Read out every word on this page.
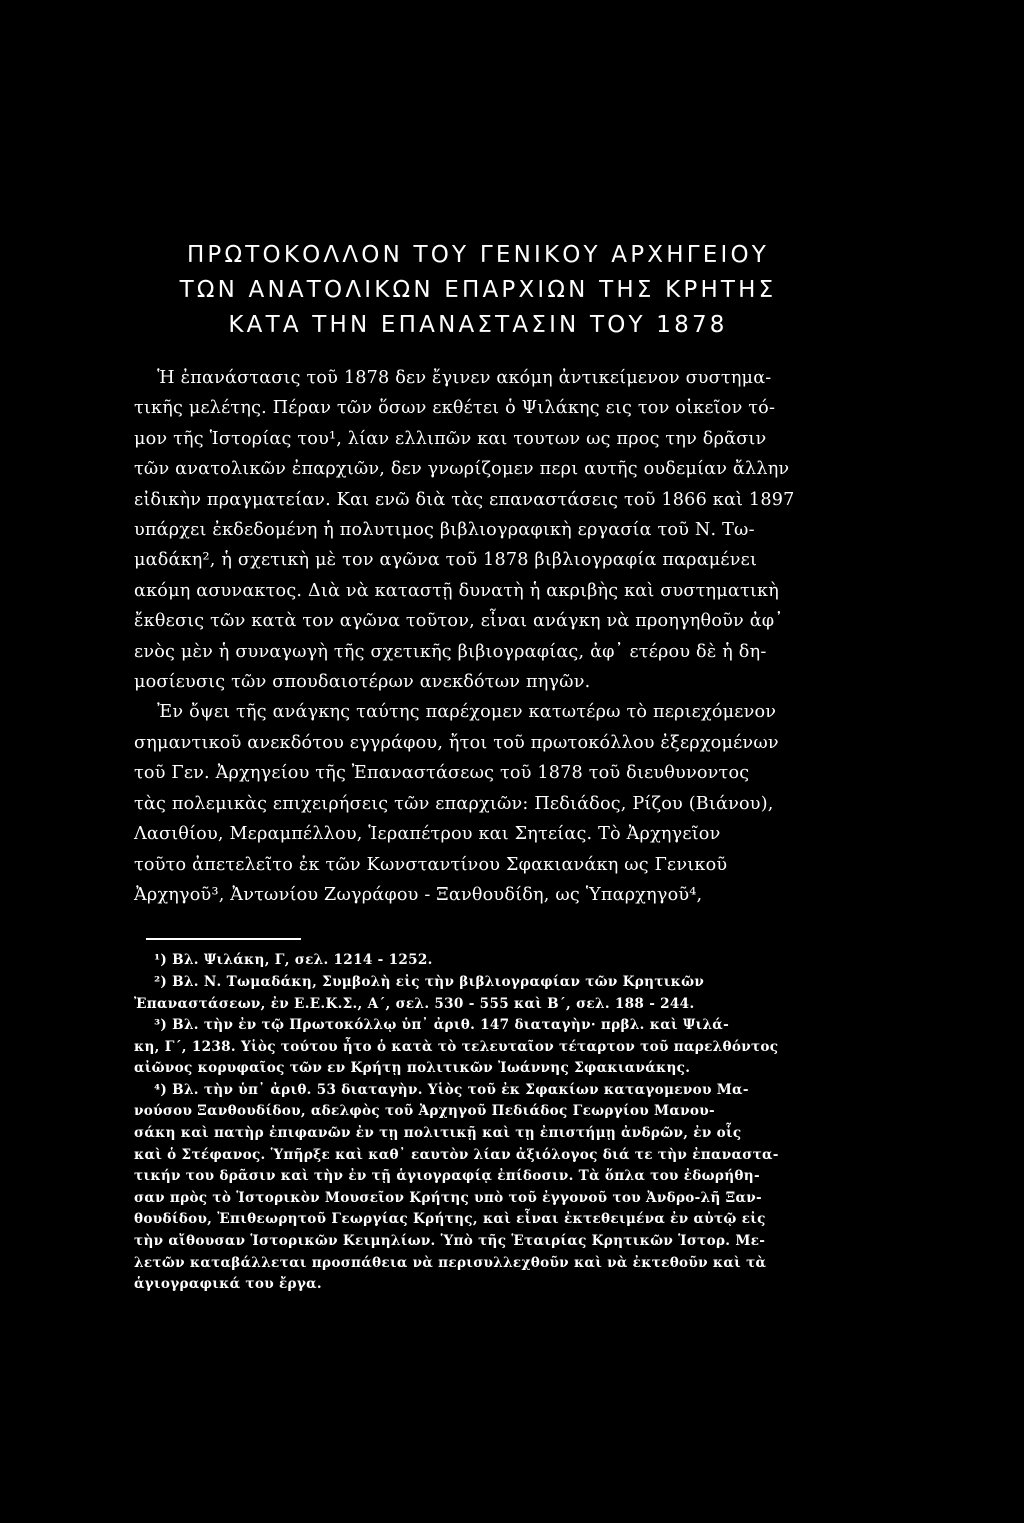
ΠΡΩΤΟΚΟΛΛΟΝ ΤΟΥ ΓΕΝΙΚΟΥ ΑΡΧΗΓΕΙΟΥ

ΤΩΝ ΑΝΑΤΟΛΙΚΩΝ ΕΠΑΡΧΙΩΝ ΤΗΣ ΚΡΗΤΗΣ

ΚΑΤΑ ΤΗΝ ΕΠΑΝΑΣΤΑΣΙΝ ΤΟΥ 1878

Ἡ ἐπανάστασις τοῦ 1878 δεν ἔγινεν ακόμη ἀντικείμενον συστημα-

τικῆς μελέτης. Πέραν τῶν ὅσων εκθέτει ὁ Ψιλάκης εις τον οἰκεῖον τό-

μον τῆς Ἱστορίας του¹, λίαν ελλιπῶν και τουτων ως προς την δρᾶσιν

τῶν ανατολικῶν ἐπαρχιῶν, δεν γνωρίζομεν περι αυτῆς ουδεμίαν ἄλλην

εἰδικὴν πραγματείαν. Και ενῶ διὰ τὰς επαναστάσεις τοῦ 1866 καὶ 1897

υπάρχει ἐκδεδομένη ἡ πολυτιμος βιβλιογραφικὴ εργασία τοῦ Ν. Τω-

μαδάκη², ἡ σχετικὴ μὲ τον αγῶνα τοῦ 1878 βιβλιογραφία παραμένει

ακόμη ασυνακτος. Διὰ νὰ καταστῇ δυνατὴ ἡ ακριβὴς καὶ συστηματικὴ

ἔκθεσις τῶν κατὰ τον αγῶνα τοῦτον, εἶναι ανάγκη νὰ προηγηθοῦν ἀφ᾽

ενὸς μὲν ἡ συναγωγὴ τῆς σχετικῆς βιβιογραφίας, ἀφ᾽ ετέρου δὲ ἡ δη-

μοσίευσις τῶν σπουδαιοτέρων ανεκδότων πηγῶν.

Ἐν ὄψει τῆς ανάγκης ταύτης παρέχομεν κατωτέρω τὸ περιεχόμενον

σημαντικοῦ ανεκδότου εγγράφου, ἤτοι τοῦ πρωτοκόλλου ἐξερχομένων

τοῦ Γεν. Ἀρχηγείου τῆς Ἐπαναστάσεως τοῦ 1878 τοῦ διευθυνοντος

τὰς πολεμικὰς επιχειρήσεις τῶν επαρχιῶν: Πεδιάδος, Ρίζου (Βιάνου),

Λασιθίου, Μεραμπέλλου, Ἱεραπέτρου και Σητείας. Τὸ Ἀρχηγεῖον

τοῦτο ἀπετελεῖτο ἐκ τῶν Κωνσταντίνου Σφακιανάκη ως Γενικοῦ

Ἀρχηγοῦ³, Ἀντωνίου Ζωγράφου - Ξανθουδίδη, ως Ὑπαρχηγοῦ⁴,

¹) Βλ. Ψιλάκη, Γ, σελ. 1214 - 1252.

²) Βλ. Ν. Τωμαδάκη, Συμβολὴ εἰς τὴν βιβλιογραφίαν τῶν Κρητικῶν

Ἐπαναστάσεων, ἐν Ε.Ε.Κ.Σ., Α΄, σελ. 530 - 555 καὶ Β΄, σελ. 188 - 244.

³) Βλ. τὴν ἐν τῷ Πρωτοκόλλῳ ὑπ᾽ ἀριθ. 147 διαταγὴν· πρβλ. καὶ Ψιλά-

κη, Γ΄, 1238. Υἱὸς τούτου ἦτο ὁ κατὰ τὸ τελευταῖον τέταρτον τοῦ παρελθόντος

αἰῶνος κορυφαῖος τῶν εν Κρήτῃ πολιτικῶν Ἰωάννης Σφακιανάκης.

⁴) Βλ. τὴν ὑπ᾽ ἀριθ. 53 διαταγὴν. Υἱὸς τοῦ ἐκ Σφακίων καταγομενου Μα-

νούσου Ξανθουδίδου, αδελφὸς τοῦ Ἀρχηγοῦ Πεδιάδος Γεωργίου Μανου-

σάκη καὶ πατὴρ ἐπιφανῶν ἐν τῃ πολιτικῇ καὶ τῃ ἐπιστήμῃ ἀνδρῶν, ἐν οἷς

καὶ ὁ Στέφανος. Ὑπῆρξε καὶ καθ᾽ εαυτὸν λίαν ἀξιόλογος διά τε τὴν ἐπαναστα-

τικήν του δρᾶσιν καὶ τὴν ἐν τῇ ἁγιογραφίᾳ ἐπίδοσιν. Τὰ ὅπλα του ἐδωρήθη-

σαν πρὸς τὸ Ἱστορικὸν Μουσεῖον Κρήτης υπὸ τοῦ ἐγγονοῦ του Ἀνδρο-λῆ Ξαν-

θουδίδου, Ἐπιθεωρητοῦ Γεωργίας Κρήτης, καὶ εἶναι ἐκτεθειμένα ἐν αὐτῷ εἰς

τὴν αἴθουσαν Ἱστορικῶν Κειμηλίων. Ὑπὸ τῆς Ἑταιρίας Κρητικῶν Ἱστορ. Με-

λετῶν καταβάλλεται προσπάθεια νὰ περισυλλεχθοῦν καὶ νὰ ἐκτεθοῦν καὶ τὰ

ἁγιογραφικά του ἔργα.
